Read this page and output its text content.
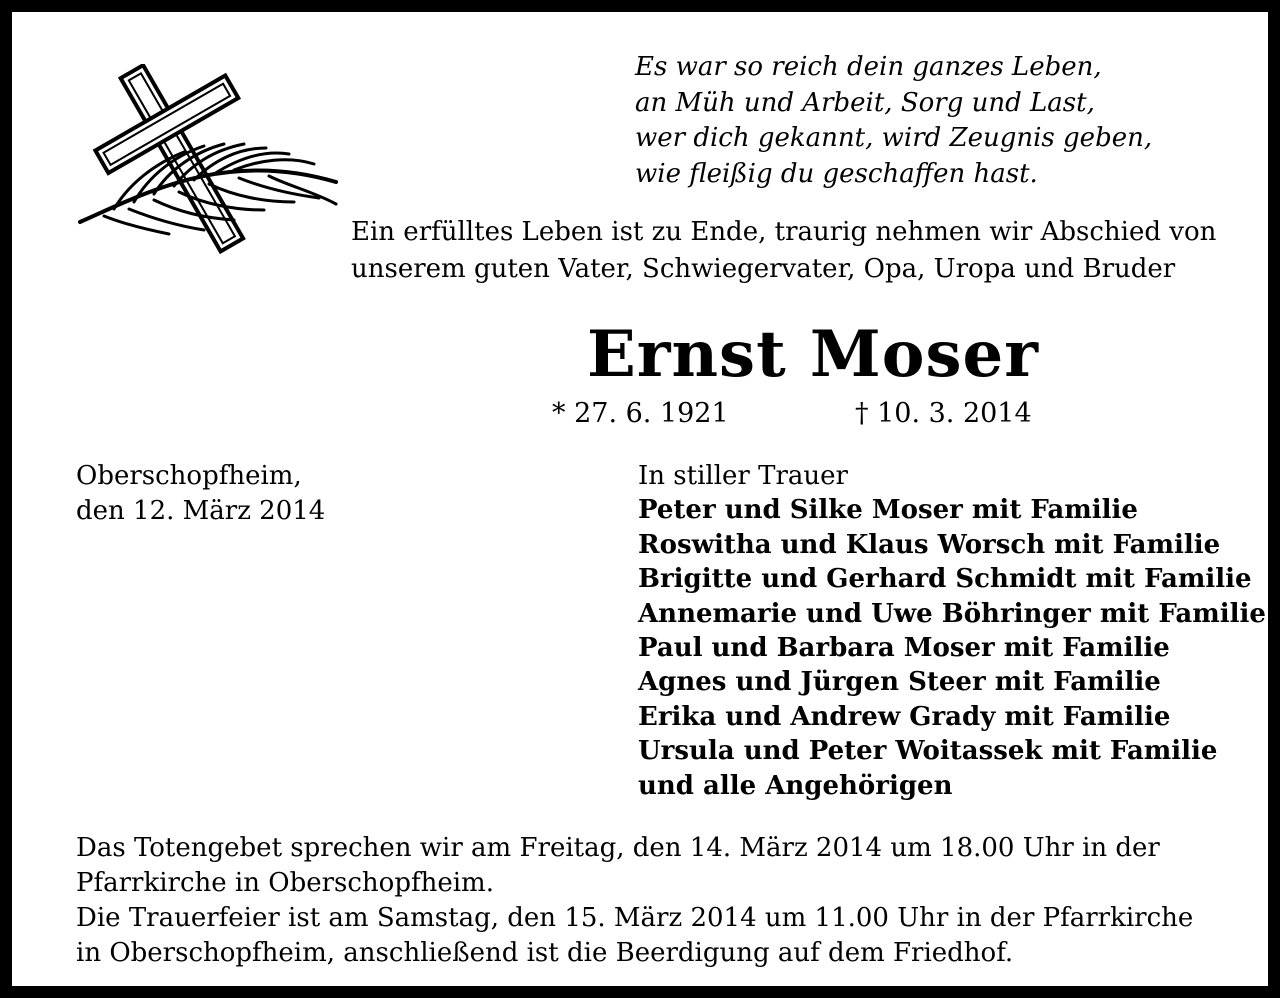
Es war so reich dein ganzes Leben,
an Müh und Arbeit, Sorg und Last,
wer dich gekannt, wird Zeugnis geben,
wie fleißig du geschaffen hast.
Ein erfülltes Leben ist zu Ende, traurig nehmen wir Abschied von
unserem guten Vater, Schwiegervater, Opa, Uropa und Bruder
Ernst Moser
* 27. 6. 1921	† 10. 3. 2014
Oberschopfheim,
den 12. März 2014
In stiller Trauer
Peter und Silke Moser mit Familie
Roswitha und Klaus Worsch mit Familie
Brigitte und Gerhard Schmidt mit Familie
Annemarie und Uwe Böhringer mit Familie
Paul und Barbara Moser mit Familie
Agnes und Jürgen Steer mit Familie
Erika und Andrew Grady mit Familie
Ursula und Peter Woitassek mit Familie
und alle Angehörigen
Das Totengebet sprechen wir am Freitag, den 14. März 2014 um 18.00 Uhr in der
Pfarrkirche in Oberschopfheim.
Die Trauerfeier ist am Samstag, den 15. März 2014 um 11.00 Uhr in der Pfarrkirche
in Oberschopfheim, anschließend ist die Beerdigung auf dem Friedhof.
